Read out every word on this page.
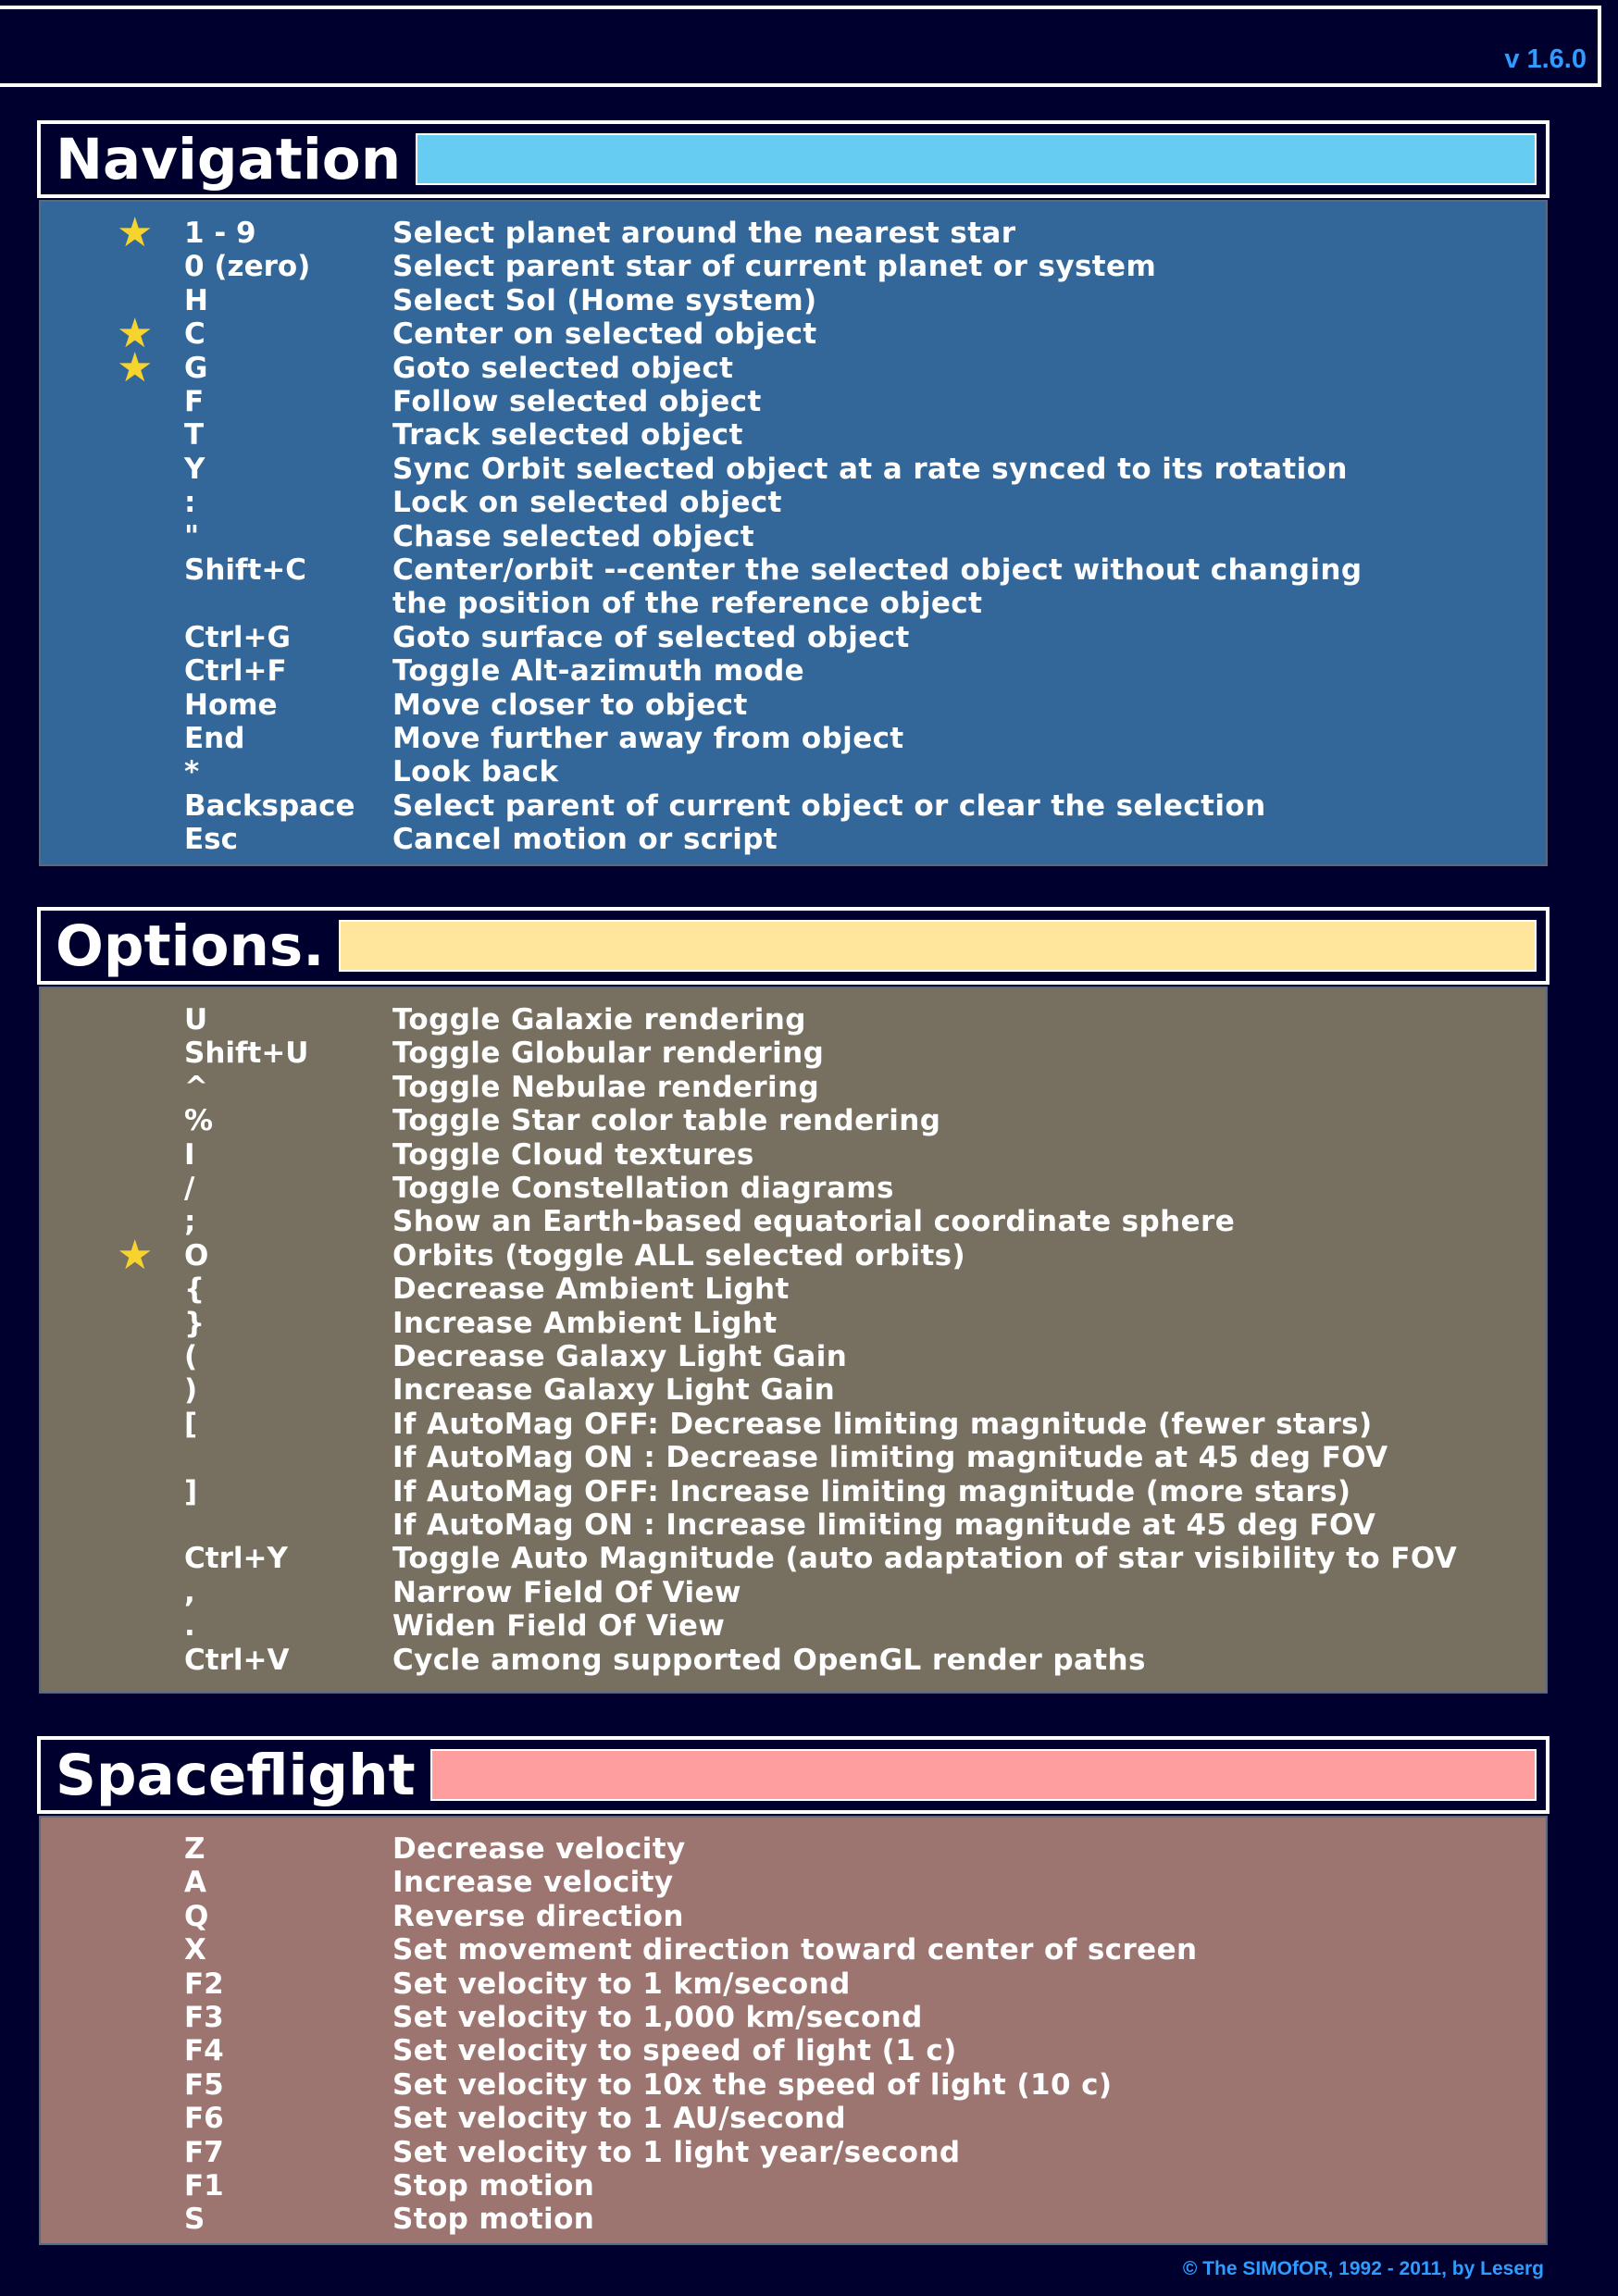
v 1.6.0
Navigation
★ 1 - 9	Select planet around the nearest star
0 (zero)	Select parent star of current planet or system
H	Select Sol (Home system)
★ C	Center on selected object
★ G	Goto selected object
F	Follow selected object
T	Track selected object
Y	Sync Orbit selected object at a rate synced to its rotation
:	Lock on selected object
"	Chase selected object
Shift+C	Center/orbit --center the selected object without changing
the position of the reference object
Ctrl+G	Goto surface of selected object
Ctrl+F	Toggle Alt-azimuth mode
Home	Move closer to object
End	Move further away from object
*	Look back
Backspace Select parent of current object or clear the selection
Esc	Cancel motion or script
Options.
U	Toggle Galaxie rendering
Shift+U	Toggle Globular rendering
^	Toggle Nebulae rendering
%	Toggle Star color table rendering
I	Toggle Cloud textures
/	Toggle Constellation diagrams
;	Show an Earth-based equatorial coordinate sphere
★ O	Orbits (toggle ALL selected orbits)
{	Decrease Ambient Light
}	Increase Ambient Light
(	Decrease Galaxy Light Gain
)	Increase Galaxy Light Gain
[	If AutoMag OFF: Decrease limiting magnitude (fewer stars)
If AutoMag ON : Decrease limiting magnitude at 45 deg FOV
]	If AutoMag OFF: Increase limiting magnitude (more stars)
If AutoMag ON : Increase limiting magnitude at 45 deg FOV
Ctrl+Y	Toggle Auto Magnitude (auto adaptation of star visibility to FOV
,	Narrow Field Of View
.	Widen Field Of View
Ctrl+V	Cycle among supported OpenGL render paths
Spaceflight
Z	Decrease velocity
A	Increase velocity
Q	Reverse direction
X	Set movement direction toward center of screen
F2	Set velocity to 1 km/second
F3	Set velocity to 1,000 km/second
F4	Set velocity to speed of light (1 c)
F5	Set velocity to 10x the speed of light (10 c)
F6	Set velocity to 1 AU/second
F7	Set velocity to 1 light year/second
F1	Stop motion
S	Stop motion
© The SIMOfOR, 1992 - 2011, by Leserg
